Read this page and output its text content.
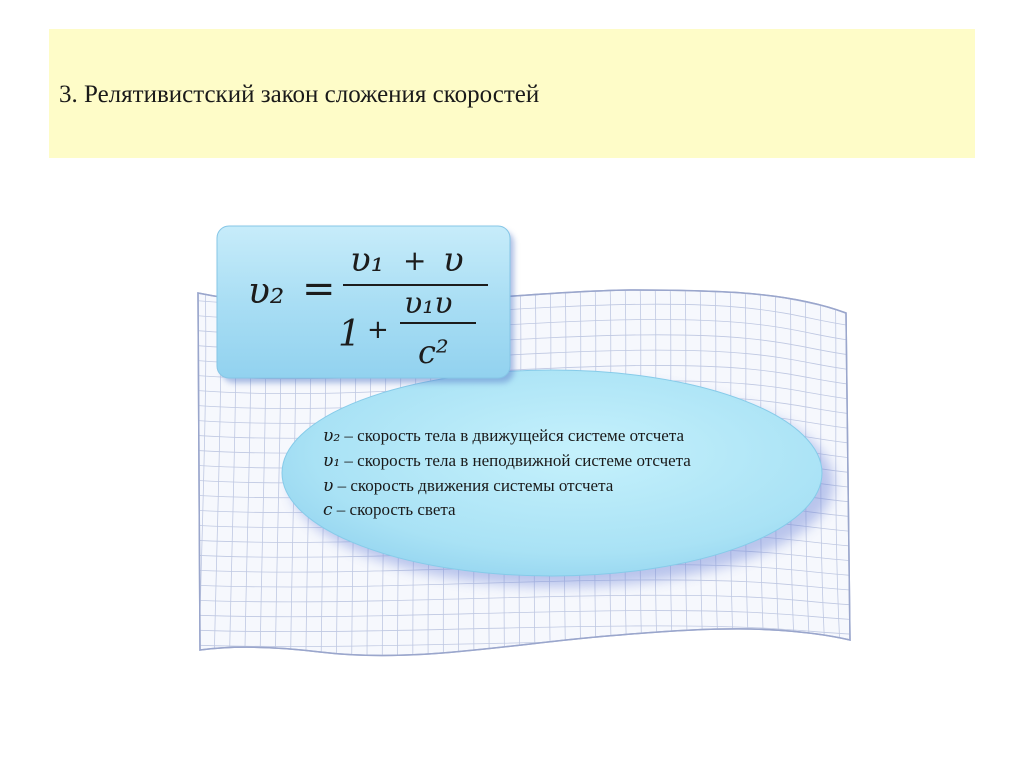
3. Релятивистский закон сложения скоростей
υ₂ – скорость тела в движущейся системе отсчета
υ₁ – скорость тела в неподвижной системе отсчета
υ – скорость движения системы отсчета
c – скорость света
υ₂ =
υ₁ + υ
1 +
υ₁υ
c²
